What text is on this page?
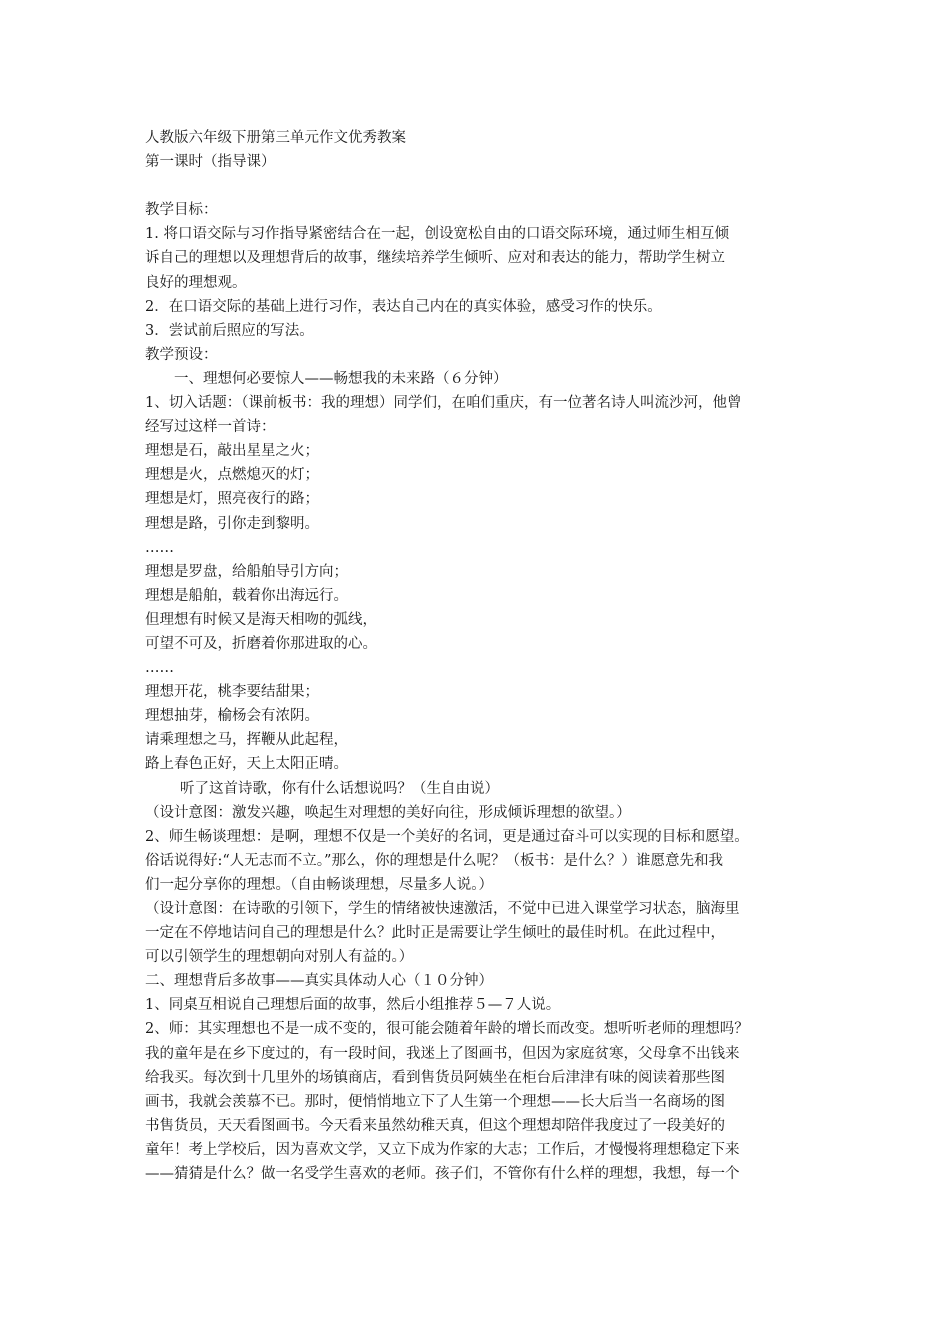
人教版六年级下册第三单元作文优秀教案
第一课时（指导课）
教学目标：
1. 将口语交际与习作指导紧密结合在一起，创设宽松自由的口语交际环境，通过师生相互倾
诉自己的理想以及理想背后的故事，继续培养学生倾听、应对和表达的能力，帮助学生树立
良好的理想观。
2．在口语交际的基础上进行习作，表达自己内在的真实体验，感受习作的快乐。
3．尝试前后照应的写法。
教学预设：
一、理想何必要惊人——畅想我的未来路（６分钟）
1、切入话题：（课前板书：我的理想）同学们，在咱们重庆，有一位著名诗人叫流沙河，他曾
经写过这样一首诗：
理想是石，敲出星星之火；
理想是火，点燃熄灭的灯；
理想是灯，照亮夜行的路；
理想是路，引你走到黎明。
……
理想是罗盘，给船舶导引方向；
理想是船舶，载着你出海远行。
但理想有时候又是海天相吻的弧线，
可望不可及，折磨着你那进取的心。
……
理想开花，桃李要结甜果；
理想抽芽，榆杨会有浓阴。
请乘理想之马，挥鞭从此起程，
路上春色正好，天上太阳正晴。
听了这首诗歌，你有什么话想说吗？（生自由说）
（设计意图：激发兴趣，唤起生对理想的美好向往，形成倾诉理想的欲望。）
2、师生畅谈理想：是啊，理想不仅是一个美好的名词，更是通过奋斗可以实现的目标和愿望。
俗话说得好:“人无志而不立。”那么，你的理想是什么呢？（板书：是什么？）谁愿意先和我
们一起分享你的理想。（自由畅谈理想，尽量多人说。）
（设计意图：在诗歌的引领下，学生的情绪被快速激活，不觉中已进入课堂学习状态，脑海里
一定在不停地诘问自己的理想是什么？此时正是需要让学生倾吐的最佳时机。在此过程中，
可以引领学生的理想朝向对别人有益的。）
二、理想背后多故事——真实具体动人心（１０分钟）
1、同桌互相说自己理想后面的故事，然后小组推荐５—７人说。
2、师：其实理想也不是一成不变的，很可能会随着年龄的增长而改变。想听听老师的理想吗？
我的童年是在乡下度过的，有一段时间，我迷上了图画书，但因为家庭贫寒，父母拿不出钱来
给我买。每次到十几里外的场镇商店，看到售货员阿姨坐在柜台后津津有味的阅读着那些图
画书，我就会羡慕不已。那时，便悄悄地立下了人生第一个理想——长大后当一名商场的图
书售货员，天天看图画书。今天看来虽然幼稚天真，但这个理想却陪伴我度过了一段美好的
童年！考上学校后，因为喜欢文学，又立下成为作家的大志；工作后，才慢慢将理想稳定下来
——猜猜是什么？做一名受学生喜欢的老师。孩子们，不管你有什么样的理想，我想，每一个
